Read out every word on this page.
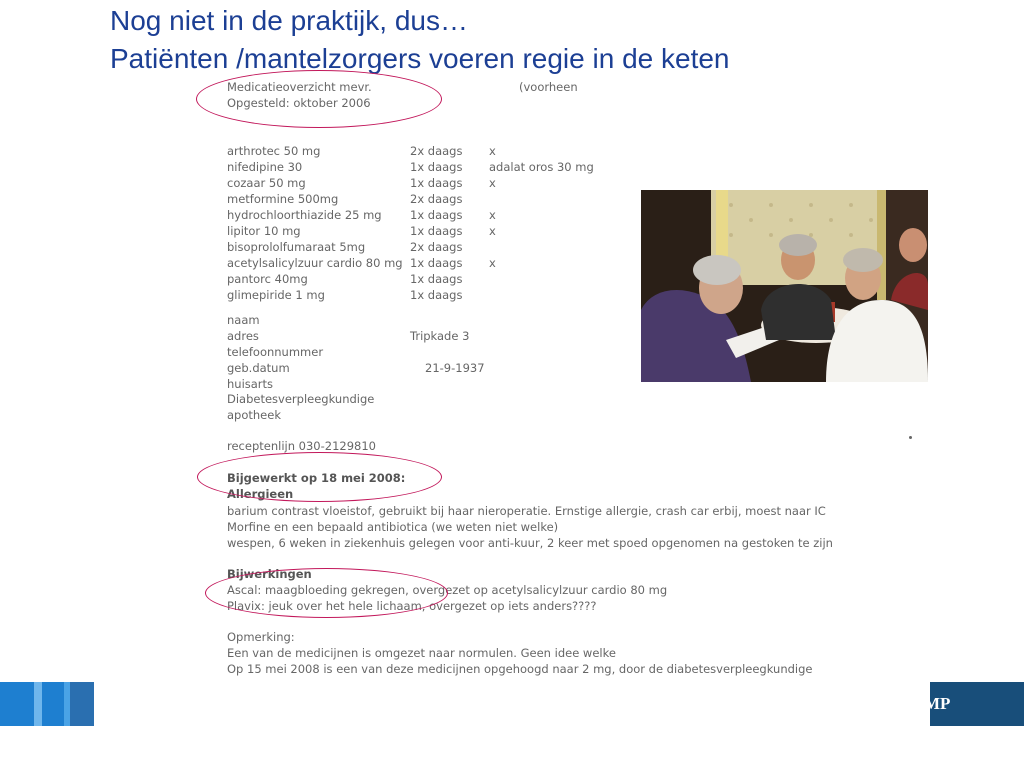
Nog niet in de praktijk, dus…
Patiënten /mantelzorgers voeren regie in de keten
Medicatieoverzicht mevr.	(voorheen
Opgesteld: oktober 2006
arthrotec 50 mg	2x daags x
nifedipine 30	1x daags adalat oros 30 mg
cozaar 50 mg	1x daags x
metformine 500mg	2x daags
hydrochloorthiazide 25 mg 1x daags x
lipitor 10 mg	1x daags x
bisoprololfumaraat 5mg	2x daags
acetylsalicylzuur cardio 80 mg 1x daags x
pantorc 40mg	1x daags
glimepiride 1 mg	1x daags
naam
adres	Tripkade 3
telefoonnummer
geb.datum	21-9-1937
huisarts
Diabetesverpleegkundige
apotheek
receptenlijn 030-2129810
Bijgewerkt op 18 mei 2008:
Allergieen
barium contrast vloeistof, gebruikt bij haar nieroperatie. Ernstige allergie, crash car erbij, moest naar IC
Morfine en een bepaald antibiotica (we weten niet welke)
wespen, 6 weken in ziekenhuis gelegen voor anti-kuur, 2 keer met spoed opgenomen na gestoken te zijn
Bijwerkingen
Ascal: maagbloeding gekregen, overgezet op acetylsalicylzuur cardio 80 mg
Plavix: jeuk over het hele lichaam, overgezet op iets anders????
Opmerking:
Een van de medicijnen is omgezet naar normulen. Geen idee welke
Op 15 mei 2008 is een van deze medicijnen opgehoogd naar 2 mg, door de diabetesverpleegkundige
MP
